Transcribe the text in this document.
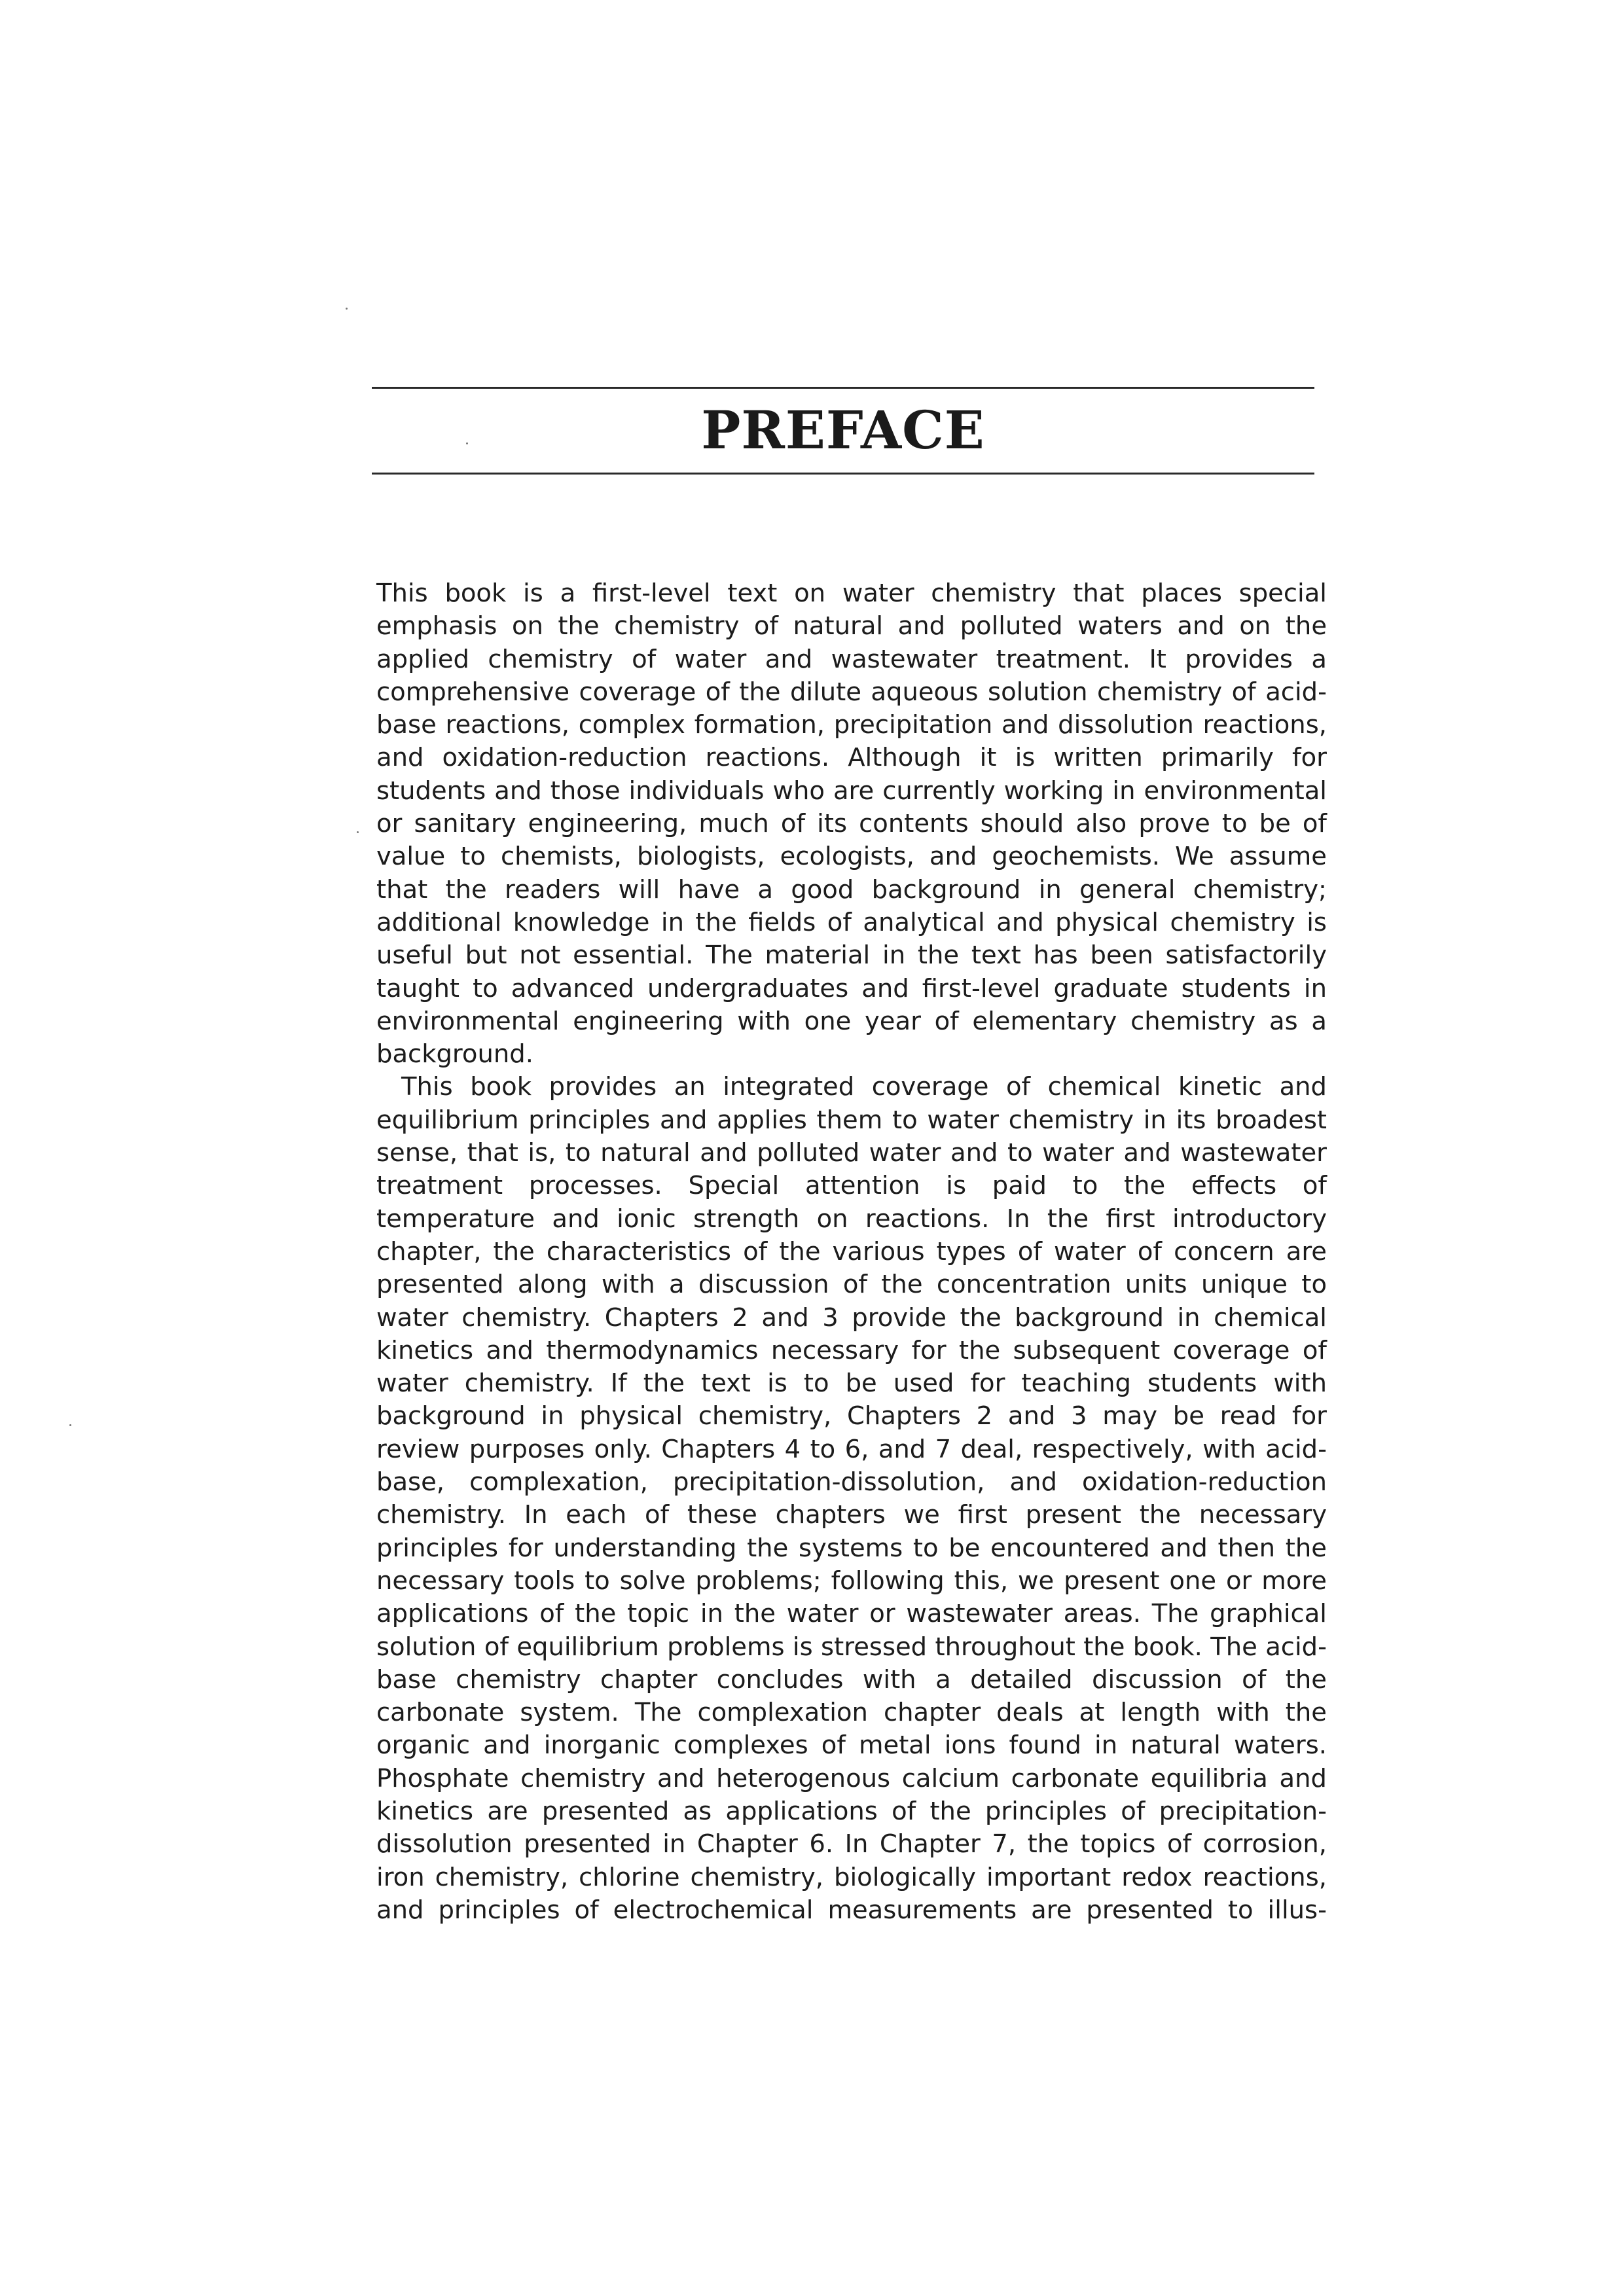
PREFACE

This book is a first-level text on water chemistry that places special emphasis on the chemistry of natural and polluted waters and on the applied chemistry of water and wastewater treatment. It provides a comprehensive coverage of the dilute aqueous solution chemistry of acid-base reactions, complex formation, precipitation and dissolution reactions, and oxidation-reduction reactions. Although it is written primarily for students and those individuals who are currently working in environmental or sanitary engineering, much of its contents should also prove to be of value to chemists, biologists, ecologists, and geochemists. We assume that the readers will have a good background in general chemistry; additional knowledge in the fields of analytical and physical chemistry is useful but not essential. The material in the text has been satisfactorily taught to advanced undergraduates and first-level graduate students in environmental engineering with one year of elementary chemistry as a background.

This book provides an integrated coverage of chemical kinetic and equilibrium principles and applies them to water chemistry in its broadest sense, that is, to natural and polluted water and to water and wastewater treatment processes. Special attention is paid to the effects of temperature and ionic strength on reactions. In the first introductory chapter, the characteristics of the various types of water of concern are presented along with a discussion of the concentration units unique to water chemistry. Chapters 2 and 3 provide the background in chemical kinetics and thermodynamics necessary for the subsequent coverage of water chemistry. If the text is to be used for teaching students with background in physical chemistry, Chapters 2 and 3 may be read for review purposes only. Chapters 4 to 6, and 7 deal, respectively, with acid-base, complexation, precipitation-dissolution, and oxidation-reduction chemistry. In each of these chapters we first present the necessary principles for understanding the systems to be encountered and then the necessary tools to solve problems; following this, we present one or more applications of the topic in the water or wastewater areas. The graphical solution of equilibrium problems is stressed throughout the book. The acid-base chemistry chapter concludes with a detailed discussion of the carbonate system. The complexation chapter deals at length with the organic and inorganic complexes of metal ions found in natural waters. Phosphate chemistry and heterogenous calcium carbonate equilibria and kinetics are presented as applications of the principles of precipitation-dissolution presented in Chapter 6. In Chapter 7, the topics of corrosion, iron chemistry, chlorine chemistry, biologically important redox reactions, and principles of electrochemical measurements are presented to illus-
